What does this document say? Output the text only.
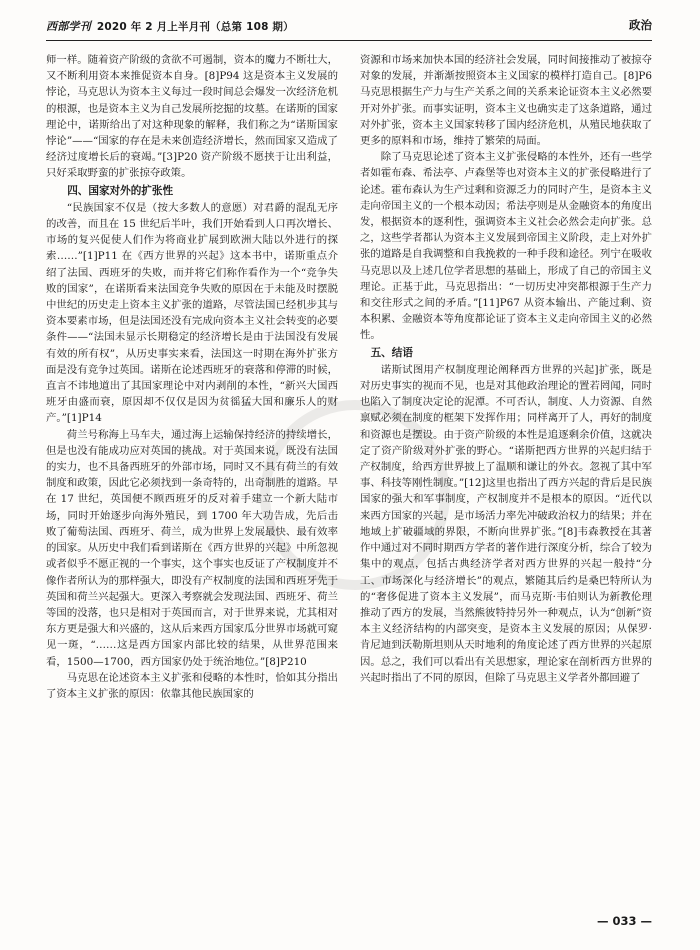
西部学刊 2020 年 2 月上半月刊（总第 108 期）	政治

师一样。随着资产阶级的贪欲不可遏制，资本的魔力不断壮大，又不断利用资本来推促资本自身。[8]P94 这是资本主义发展的悖论，马克思认为资本主义每过一段时间总会爆发一次经济危机的根源，也是资本主义为自己发展所挖掘的坟墓。在诺斯的国家理论中，诺斯给出了对这种现象的解释，我们称之为“诺斯国家悖论”——“国家的存在是未来创造经济增长，然而国家又造成了经济过度增长后的衰竭。”[3]P20 资产阶级不愿挟于让出利益，只好采取野蛮的扩张掠夺政策。

四、国家对外的扩张性

“民族国家不仅是（按大多数人的意愿）对君爵的混乱无序的改善，而且在 15 世纪后半叶，我们开始看到人口再次增长、市场的复兴促使人们作为将商业扩展到欧洲大陆以外进行的探索……”[1]P11 在《西方世界的兴起》这本书中，诺斯重点介绍了法国、西班牙的失败，而并将它们称作看作为一个“竞争失败的国家”，在诺斯看来法国竞争失败的原因在于未能及时摆脱中世纪的历史走上资本主义扩张的道路，尽管法国已经机步其与资本要素市场，但是法国还没有完成向资本主义社会转变的必要条件——“法国未显示长期稳定的经济增长是由于法国没有发展有效的所有权”，从历史事实来看，法国这一时期在海外扩张方面是没有竞争过英国。诺斯在论述西班牙的衰落和停滞的时候，直言不讳地道出了其国家理论中对内剥削的本性，“新兴大国西班牙由盛而衰，原因却不仅仅是因为贫徭猛大国和廉乐人的财产。”[1]P14

荷兰号称海上马车夫，通过海上运输保持经济的持续增长，但是也没有能成功应对英国的挑战。对于英国来说，既没有法国的实力，也不具备西班牙的外部市场，同时又不具有荷兰的有效制度和政策，因此它必须找到一条奇特的，出奇制胜的道路。早在 17 世纪，英国便不顾西班牙的反对着手建立一个新大陆市场，同时开始逐步向海外殖民，到 1700 年大功告成，先后击败了葡萄法国、西班牙、荷兰，成为世界上发展最快、最有效率的国家。从历史中我们看到诺斯在《西方世界的兴起》中所忽视或者似乎不愿正视的一个事实，这个事实也反证了产权制度并不像作者所认为的那样强大，即没有产权制度的法国和西班牙先于英国和荷兰兴起强大。更深入考察就会发现法国、西班牙、荷兰等国的没落，也只是相对于英国而言，对于世界来说，尤其相对东方更是强大和兴盛的，这从后来西方国家瓜分世界市场就可窥见一斑，“……这是西方国家内部比较的结果，从世界范围来看，1500—1700，西方国家仍处于统治地位。”[8]P210

马克思在论述资本主义扩张和侵略的本性时，恰如其分指出了资本主义扩张的原因：依靠其他民族国家的

资源和市场来加快本国的经济社会发展，同时间接推动了被掠夺对象的发展，并渐渐按照资本主义国家的模样打造自己。[8]P6 马克思根据生产力与生产关系之间的关系来论证资本主义必然要开对外扩张。而事实证明，资本主义也确实走了这条道路，通过对外扩张，资本主义国家转移了国内经济危机，从殖民地获取了更多的原料和市场，维持了繁荣的局面。

除了马克思论述了资本主义扩张侵略的本性外，还有一些学者如霍布森、希法亭、卢森堡等也对资本主义的扩张侵略进行了论述。霍布森认为生产过剩和资源乏力的同时产生，是资本主义走向帝国主义的一个根本动因；希法亭则是从金融资本的角度出发，根据资本的逐利性，强调资本主义社会必然会走向扩张。总之，这些学者都认为资本主义发展到帝国主义阶段，走上对外扩张的道路是自我调整和自我挽救的一种手段和途径。列宁在吸收马克思以及上述几位学者思想的基础上，形成了自己的帝国主义理论。正基于此，马克思指出：“一切历史冲突都根源于生产力和交往形式之间的矛盾。”[11]P67 从资本输出、产能过剩、资本积累、金融资本等角度都论证了资本主义走向帝国主义的必然性。

五、结语

诺斯试图用产权制度理论阐释西方世界的兴起]扩张，既是对历史事实的视而不见，也是对其他政治理论的置若罔闻，同时也陷入了制度决定论的泥潭。不可否认，制度、人力资源、自然禀赋必须在制度的框架下发挥作用；同样离开了人，再好的制度和资源也是摆设。由于资产阶级的本性是追逐剩余价值，这就决定了资产阶级对外扩张的野心。“诺斯把西方世界的兴起归结于产权制度，给西方世界披上了温顺和谦让的外衣。忽视了其中军事、科技等刚性制度。”[12]这里也指出了西方兴起的背后是民族国家的强大和军事制度，产权制度并不是根本的原因。“近代以来西方国家的兴起，是市场活力率先冲破政治权力的结果；并在地域上扩破疆域的界限，不断向世界扩张。”[8]韦森教授在其著作中通过对不同时期西方学者的著作进行深度分析，综合了较为集中的观点，包括古典经济学者对西方世界的兴起一般持“分工、市场深化与经济增长”的观点，繁随其后约是桑巴特所认为的“奢侈促进了资本主义发展”，而马克斯·韦伯则认为新教伦理推动了西方的发展，当然熊彼特持另外一种观点，认为“创新”资本主义经济结构的内部突变，是资本主义发展的原因；从保罗·肯尼迪到沃勒斯坦则从天时地利的角度论述了西方世界的兴起原因。总之，我们可以看出有关思想家，理论家在剖析西方世界的兴起时指出了不同的原因，但除了马克思主义学者外都回避了

— 033 —
